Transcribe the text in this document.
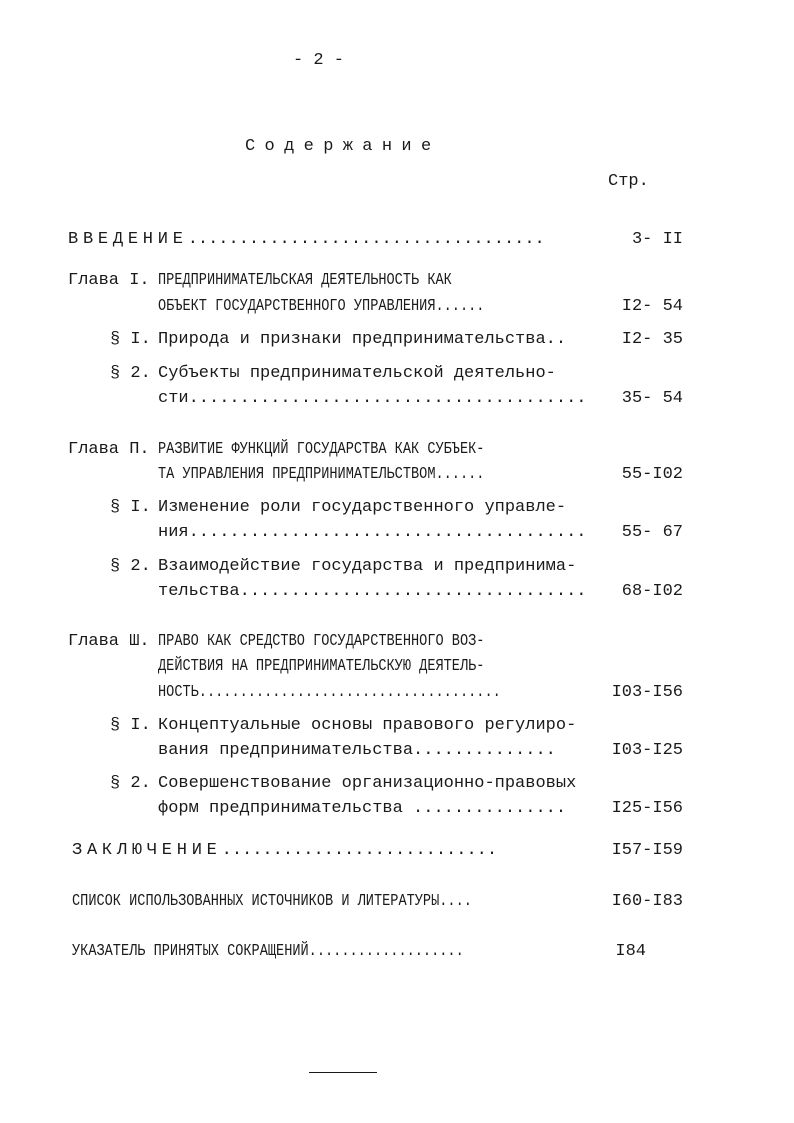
- 2 -
Содержание
Стр.
ВВЕДЕНИЕ...................................	3- II
Глава I. ПРЕДПРИНИМАТЕЛЬСКАЯ ДЕЯТЕЛЬНОСТЬ КАК
ОБЪЕКТ ГОСУДАРСТВЕННОГО УПРАВЛЕНИЯ......	I2- 54
§ I. Природа и признаки предпринимательства..	I2- 35
§ 2. Субъекты предпринимательской деятельно-
сти.......................................	35- 54
Глава П. РАЗВИТИЕ ФУНКЦИЙ ГОСУДАРСТВА КАК СУБЪЕК-
ТА УПРАВЛЕНИЯ ПРЕДПРИНИМАТЕЛЬСТВОМ......	55-I02
§ I. Изменение роли государственного управле-
ния.......................................	55- 67
§ 2. Взаимодействие государства и предпринима-
тельства..................................	68-I02
Глава Ш. ПРАВО КАК СРЕДСТВО ГОСУДАРСТВЕННОГО ВОЗ-
ДЕЙСТВИЯ НА ПРЕДПРИНИМАТЕЛЬСКУЮ ДЕЯТЕЛЬ-
НОСТЬ.....................................	I03-I56
§ I. Концептуальные основы правового регулиро-
вания предпринимательства..............	I03-I25
§ 2. Совершенствование организационно-правовых
форм предпринимательства ...............	I25-I56
ЗАКЛЮЧЕНИЕ...........................	I57-I59
СПИСОК ИСПОЛЬЗОВАННЫХ ИСТОЧНИКОВ И ЛИТЕРАТУРЫ....	I60-I83
УКАЗАТЕЛЬ ПРИНЯТЫХ СОКРАЩЕНИЙ...................	I84
